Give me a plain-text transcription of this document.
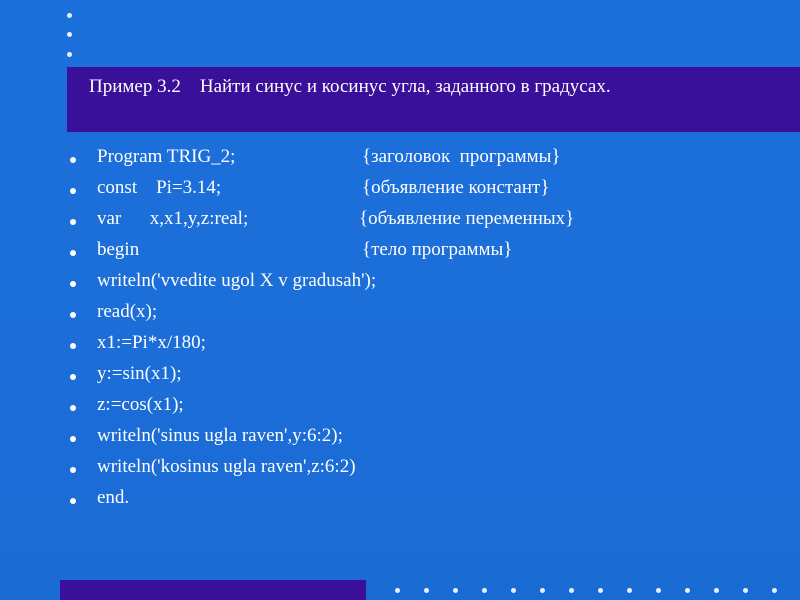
Пример 3.2    Найти синус и косинус угла, заданного в градусах.

Program TRIG_2;

	{заголовок  программы}

const    Pi=3.14;

	{объявление констант}

var      x,x1,y,z:real;

	{объявление переменных}

begin

	{тело программы}

writeln('vvedite ugol X v gradusah');

read(x);

x1:=Pi*x/180;

y:=sin(x1);

z:=cos(x1);

writeln('sinus ugla raven',y:6:2);

writeln('kosinus ugla raven',z:6:2)

end.
